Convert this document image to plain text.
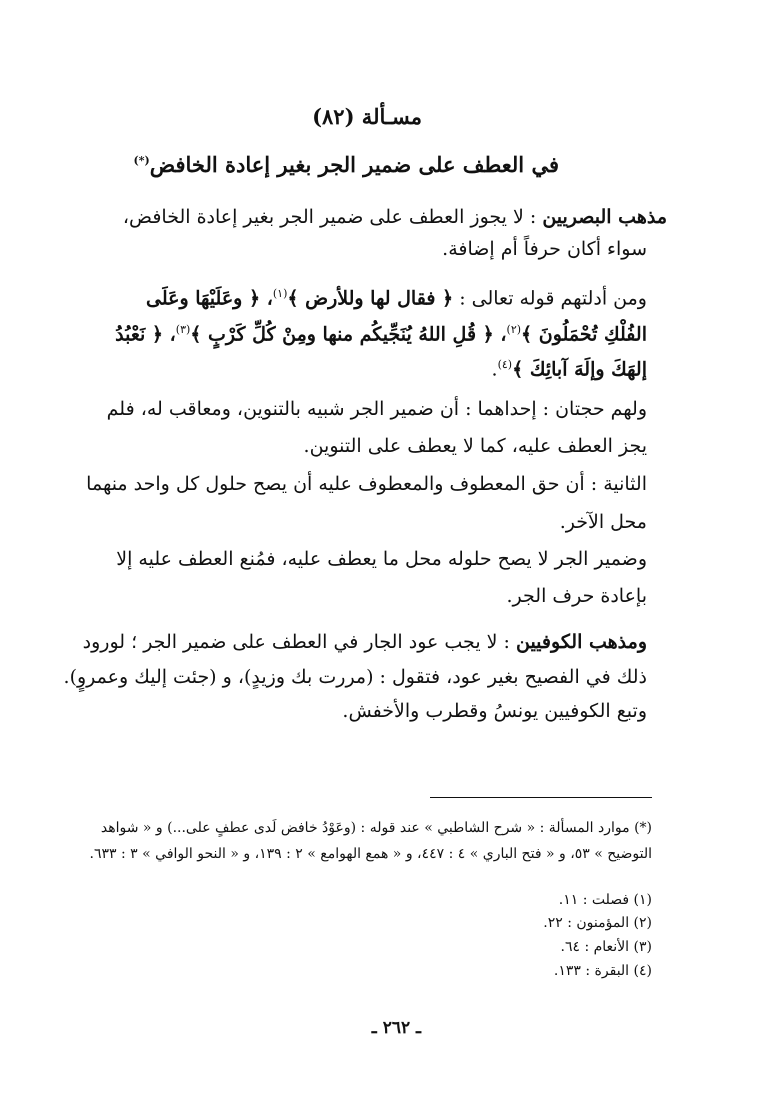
مسـألة (٨٢)
في العطف على ضمير الجر بغير إعادة الخافض(*)
مذهب البصريين : لا يجوز العطف على ضمير الجر بغير إعادة الخافض،
سواء أكان حرفاً أم إضافة.
ومن أدلتهم قوله تعالى : ﴿ فقال لها وللأرض ﴾$^{(١)}$، ﴿ وعَلَيْهَا وعَلَى
الفُلْكِ تُحْمَلُونَ ﴾$^{(٢)}$، ﴿ قُلِ اللهُ يُنَجِّيكُم منها ومِنْ كُلِّ كَرْبٍ ﴾$^{(٣)}$، ﴿ نَعْبُدُ
إلهَكَ وإلَهَ آبائِكَ ﴾$^{(٤)}$.
ولهم حجتان : إحداهما : أن ضمير الجر شبيه بالتنوين، ومعاقب له، فلم
يجز العطف عليه، كما لا يعطف على التنوين.
الثانية : أن حق المعطوف والمعطوف عليه أن يصح حلول كل واحد منهما
محل الآخر.
وضمير الجر لا يصح حلوله محل ما يعطف عليه، فمُنع العطف عليه إلا
بإعادة حرف الجر.
ومذهب الكوفيين : لا يجب عود الجار في العطف على ضمير الجر ؛ لورود
ذلك في الفصيح بغير عود، فتقول : (مررت بك وزيدٍ)، و (جئت إليك وعمروٍ).
وتبع الكوفيين يونسُ وقطرب والأخفش.
(*) موارد المسألة : « شرح الشاطبي » عند قوله : (وعَوْدُ خافض لَدى عطفٍ على...) و « شواهد
التوضيح » ٥٣، و « فتح الباري » ٤ : ٤٤٧، و « همع الهوامع » ٢ : ١٣٩، و « النحو الوافي » ٣ : ٦٣٣.
(١) فصلت : ١١.
(٢) المؤمنون : ٢٢.
(٣) الأنعام : ٦٤.
(٤) البقرة : ١٣٣.
ـ ٢٦٢ ـ
